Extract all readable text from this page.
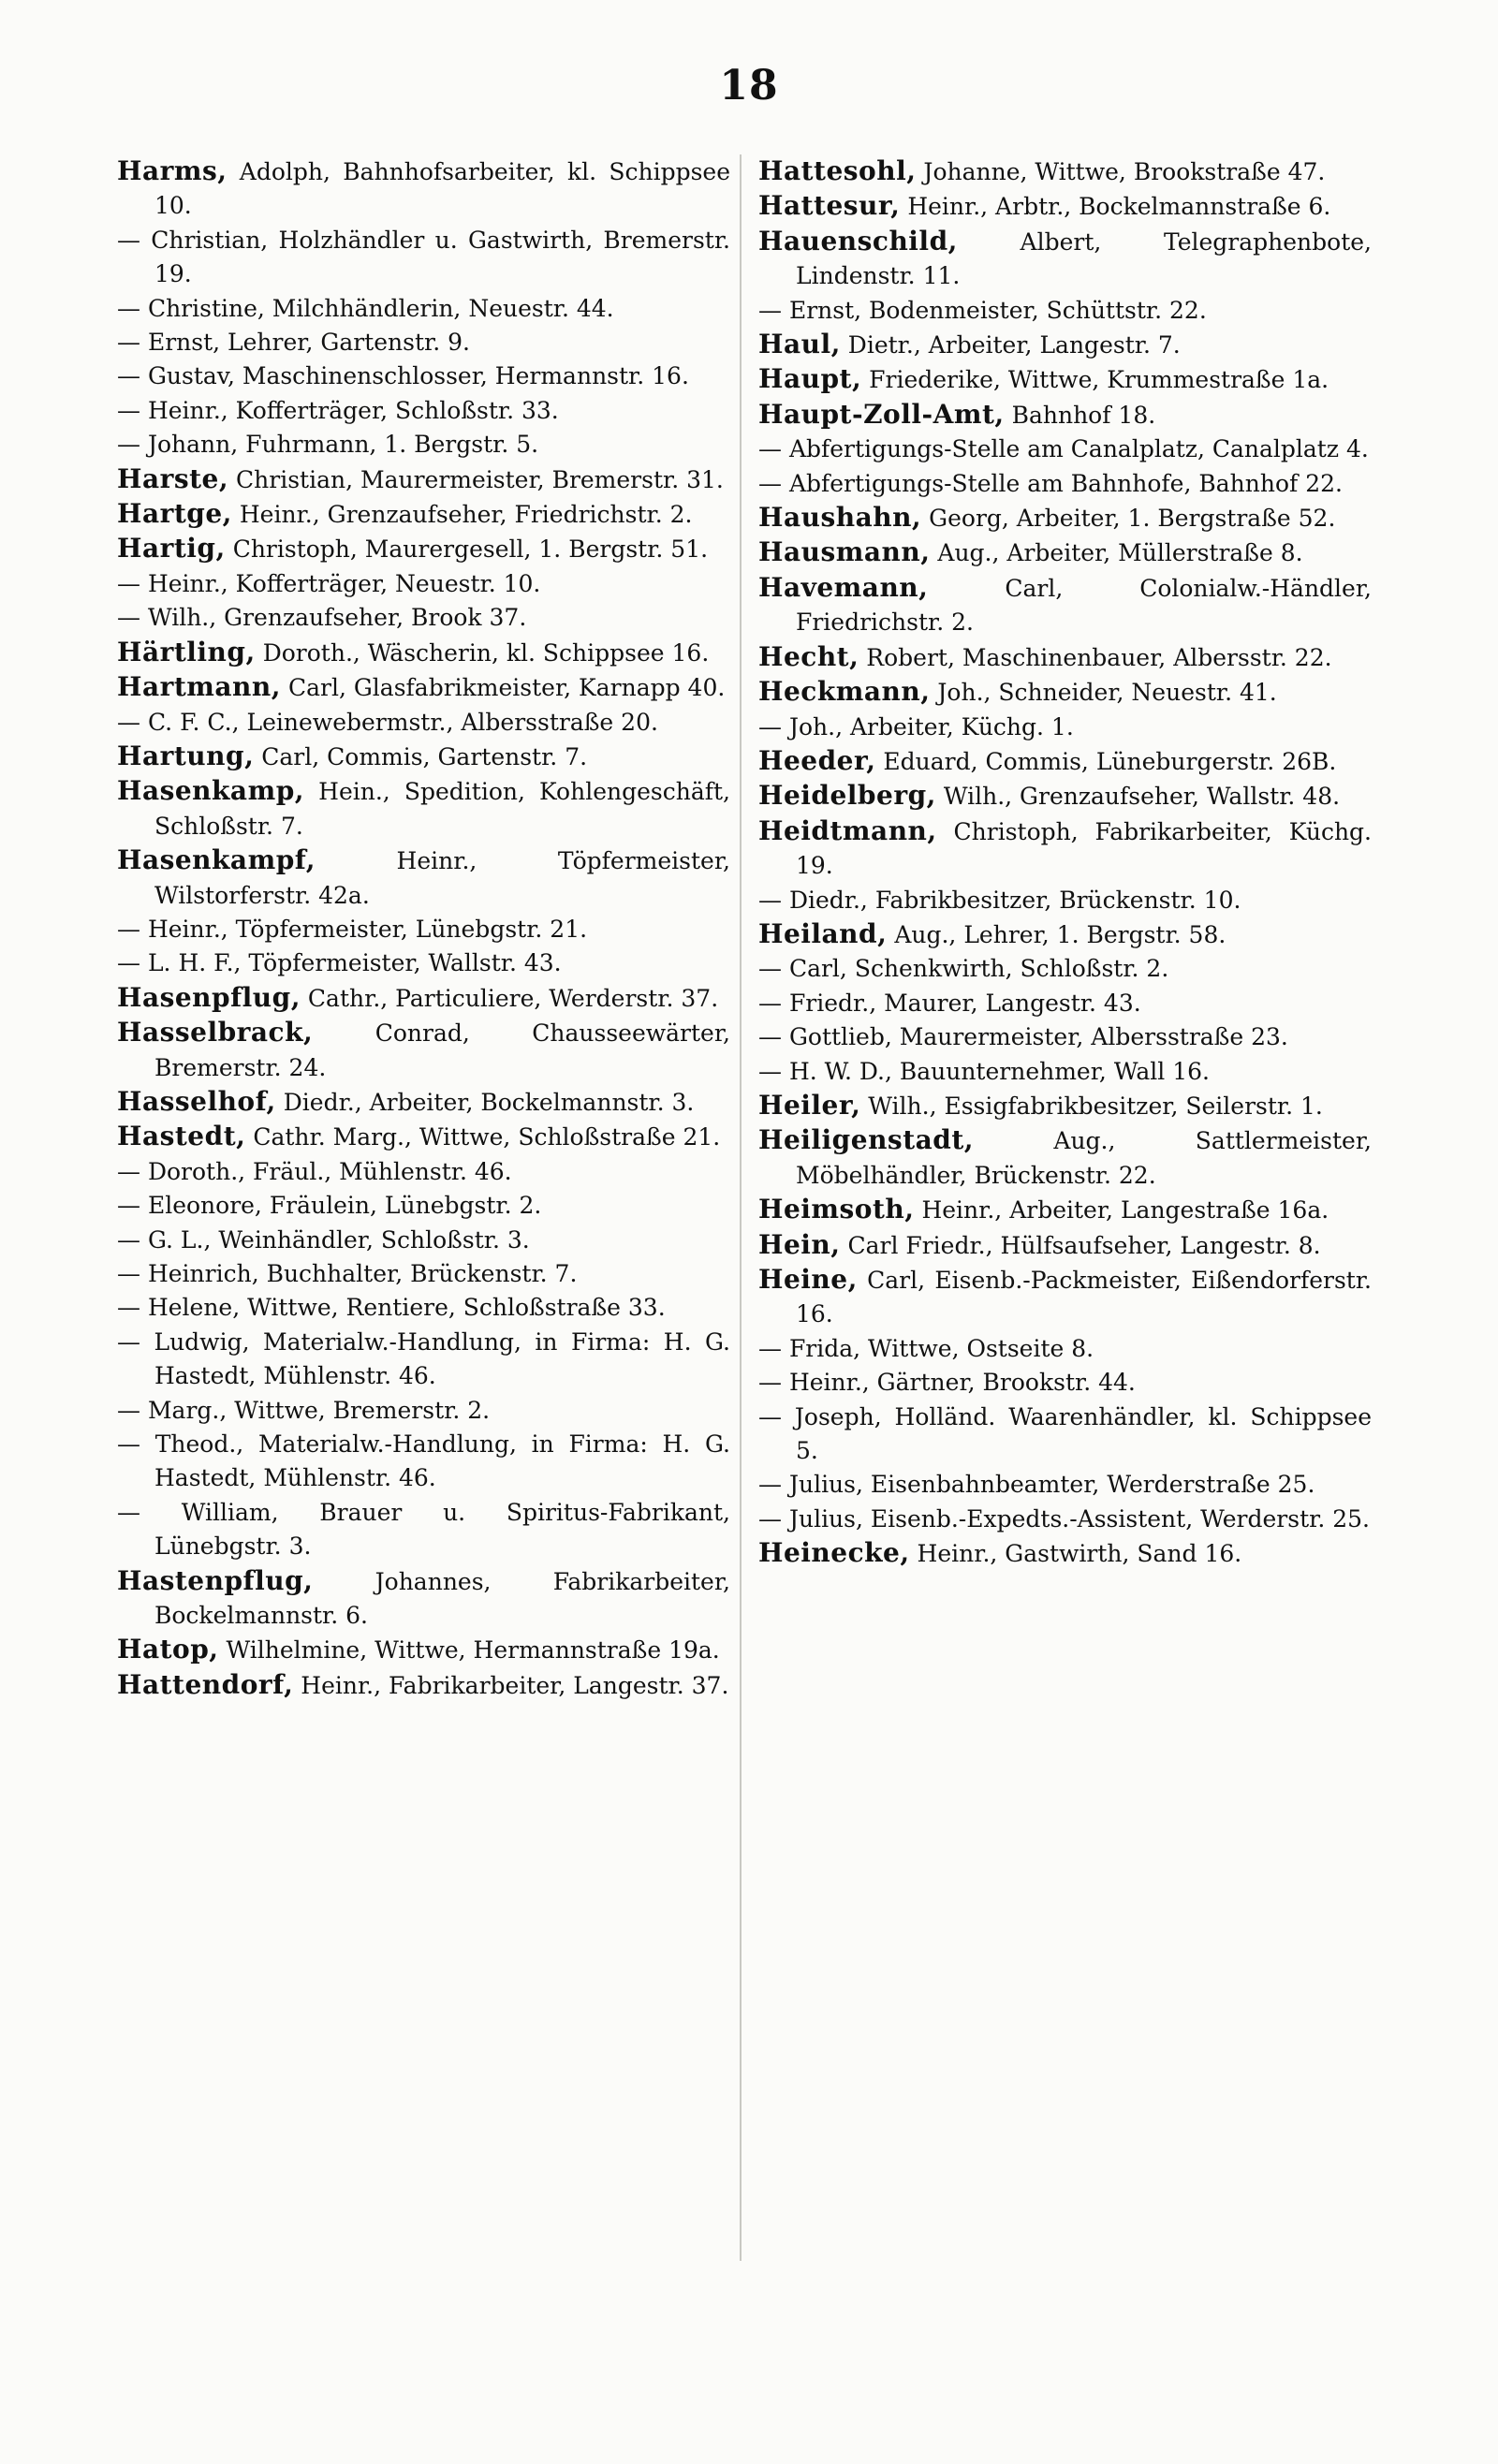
18

Harms, Adolph, Bahnhofsarbeiter, kl. Schippsee 10.

— Christian, Holzhändler u. Gastwirth, Bremerstr. 19.

— Christine, Milchhändlerin, Neuestr. 44.

— Ernst, Lehrer, Gartenstr. 9.

— Gustav, Maschinenschlosser, Hermannstr. 16.

— Heinr., Kofferträger, Schloßstr. 33.

— Johann, Fuhrmann, 1. Bergstr. 5.

Harste, Christian, Maurermeister, Bremerstr. 31.

Hartge, Heinr., Grenzaufseher, Friedrichstr. 2.

Hartig, Christoph, Maurergesell, 1. Bergstr. 51.

— Heinr., Kofferträger, Neuestr. 10.

— Wilh., Grenzaufseher, Brook 37.

Härtling, Doroth., Wäscherin, kl. Schippsee 16.

Hartmann, Carl, Glasfabrikmeister, Karnapp 40.

— C. F. C., Leinewebermstr., Albersstraße 20.

Hartung, Carl, Commis, Gartenstr. 7.

Hasenkamp, Hein., Spedition, Kohlengeschäft, Schloßstr. 7.

Hasenkampf, Heinr., Töpfermeister, Wilstorferstr. 42a.

— Heinr., Töpfermeister, Lünebgstr. 21.

— L. H. F., Töpfermeister, Wallstr. 43.

Hasenpflug, Cathr., Particuliere, Werderstr. 37.

Hasselbrack, Conrad, Chausseewärter, Bremerstr. 24.

Hasselhof, Diedr., Arbeiter, Bockelmannstr. 3.

Hastedt, Cathr. Marg., Wittwe, Schloßstraße 21.

— Doroth., Fräul., Mühlenstr. 46.

— Eleonore, Fräulein, Lünebgstr. 2.

— G. L., Weinhändler, Schloßstr. 3.

— Heinrich, Buchhalter, Brückenstr. 7.

— Helene, Wittwe, Rentiere, Schloßstraße 33.

— Ludwig, Materialw.-Handlung, in Firma: H. G. Hastedt, Mühlenstr. 46.

— Marg., Wittwe, Bremerstr. 2.

— Theod., Materialw.-Handlung, in Firma: H. G. Hastedt, Mühlenstr. 46.

— William, Brauer u. Spiritus-Fabrikant, Lünebgstr. 3.

Hastenpflug, Johannes, Fabrikarbeiter, Bockelmannstr. 6.

Hatop, Wilhelmine, Wittwe, Hermannstraße 19a.

Hattendorf, Heinr., Fabrikarbeiter, Langestr. 37.

Hattesohl, Johanne, Wittwe, Brookstraße 47.

Hattesur, Heinr., Arbtr., Bockelmannstraße 6.

Hauenschild, Albert, Telegraphenbote, Lindenstr. 11.

— Ernst, Bodenmeister, Schüttstr. 22.

Haul, Dietr., Arbeiter, Langestr. 7.

Haupt, Friederike, Wittwe, Krummestraße 1a.

Haupt-Zoll-Amt, Bahnhof 18.

— Abfertigungs-Stelle am Canalplatz, Canalplatz 4.

— Abfertigungs-Stelle am Bahnhofe, Bahnhof 22.

Haushahn, Georg, Arbeiter, 1. Bergstraße 52.

Hausmann, Aug., Arbeiter, Müllerstraße 8.

Havemann, Carl, Colonialw.-Händler, Friedrichstr. 2.

Hecht, Robert, Maschinenbauer, Albersstr. 22.

Heckmann, Joh., Schneider, Neuestr. 41.

— Joh., Arbeiter, Küchg. 1.

Heeder, Eduard, Commis, Lüneburgerstr. 26B.

Heidelberg, Wilh., Grenzaufseher, Wallstr. 48.

Heidtmann, Christoph, Fabrikarbeiter, Küchg. 19.

— Diedr., Fabrikbesitzer, Brückenstr. 10.

Heiland, Aug., Lehrer, 1. Bergstr. 58.

— Carl, Schenkwirth, Schloßstr. 2.

— Friedr., Maurer, Langestr. 43.

— Gottlieb, Maurermeister, Albersstraße 23.

— H. W. D., Bauunternehmer, Wall 16.

Heiler, Wilh., Essigfabrikbesitzer, Seilerstr. 1.

Heiligenstadt, Aug., Sattlermeister, Möbelhändler, Brückenstr. 22.

Heimsoth, Heinr., Arbeiter, Langestraße 16a.

Hein, Carl Friedr., Hülfsaufseher, Langestr. 8.

Heine, Carl, Eisenb.-Packmeister, Eißendorferstr. 16.

— Frida, Wittwe, Ostseite 8.

— Heinr., Gärtner, Brookstr. 44.

— Joseph, Holländ. Waarenhändler, kl. Schippsee 5.

— Julius, Eisenbahnbeamter, Werderstraße 25.

— Julius, Eisenb.-Expedts.-Assistent, Werderstr. 25.

Heinecke, Heinr., Gastwirth, Sand 16.
